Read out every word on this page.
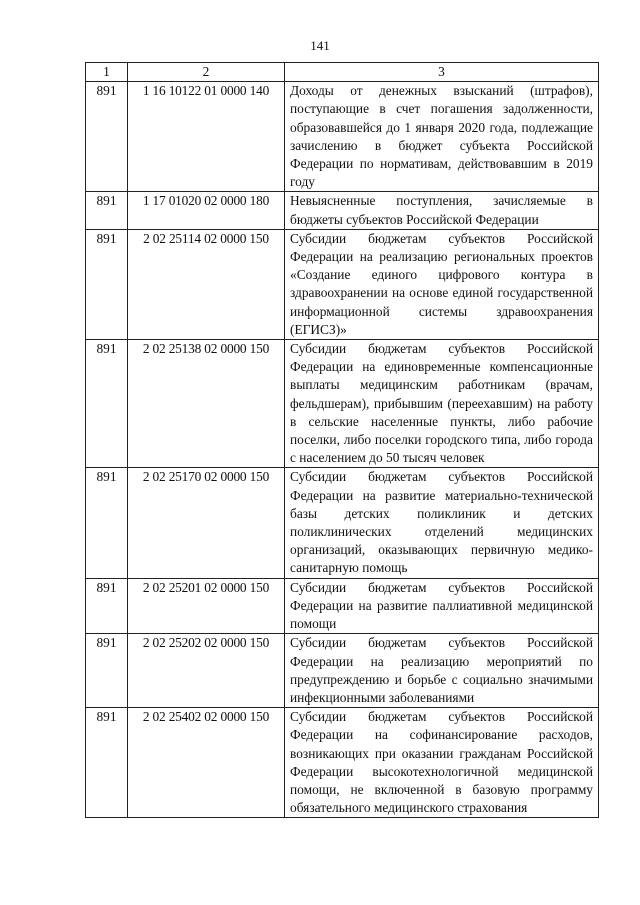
141
1	2	3
891	1 16 10122 01 0000 140	Доходы от денежных взысканий (штрафов), поступающие в счет погашения задолженности, образовавшейся до 1 января 2020 года, подлежащие зачислению в бюджет субъекта Российской Федерации по нормативам, действовавшим в 2019 году
891	1 17 01020 02 0000 180	Невыясненные поступления, зачисляемые в бюджеты субъектов Российской Федерации
891	2 02 25114 02 0000 150	Субсидии бюджетам субъектов Российской Федерации на реализацию региональных проектов «Создание единого цифрового контура в здравоохранении на основе единой государственной информационной системы здравоохранения (ЕГИСЗ)»
891	2 02 25138 02 0000 150	Субсидии бюджетам субъектов Российской Федерации на единовременные компенсационные выплаты медицинским работникам (врачам, фельдшерам), прибывшим (переехавшим) на работу в сельские населенные пункты, либо рабочие поселки, либо поселки городского типа, либо города с населением до 50 тысяч человек
891	2 02 25170 02 0000 150	Субсидии бюджетам субъектов Российской Федерации на развитие материально-технической базы детских поликлиник и детских поликлинических отделений медицинских организаций, оказывающих первичную медико-санитарную помощь
891	2 02 25201 02 0000 150	Субсидии бюджетам субъектов Российской Федерации на развитие паллиативной медицинской помощи
891	2 02 25202 02 0000 150	Субсидии бюджетам субъектов Российской Федерации на реализацию мероприятий по предупреждению и борьбе с социально значимыми инфекционными заболеваниями
891	2 02 25402 02 0000 150	Субсидии бюджетам субъектов Российской Федерации на софинансирование расходов, возникающих при оказании гражданам Российской Федерации высокотехнологичной медицинской помощи, не включенной в базовую программу обязательного медицинского страхования
